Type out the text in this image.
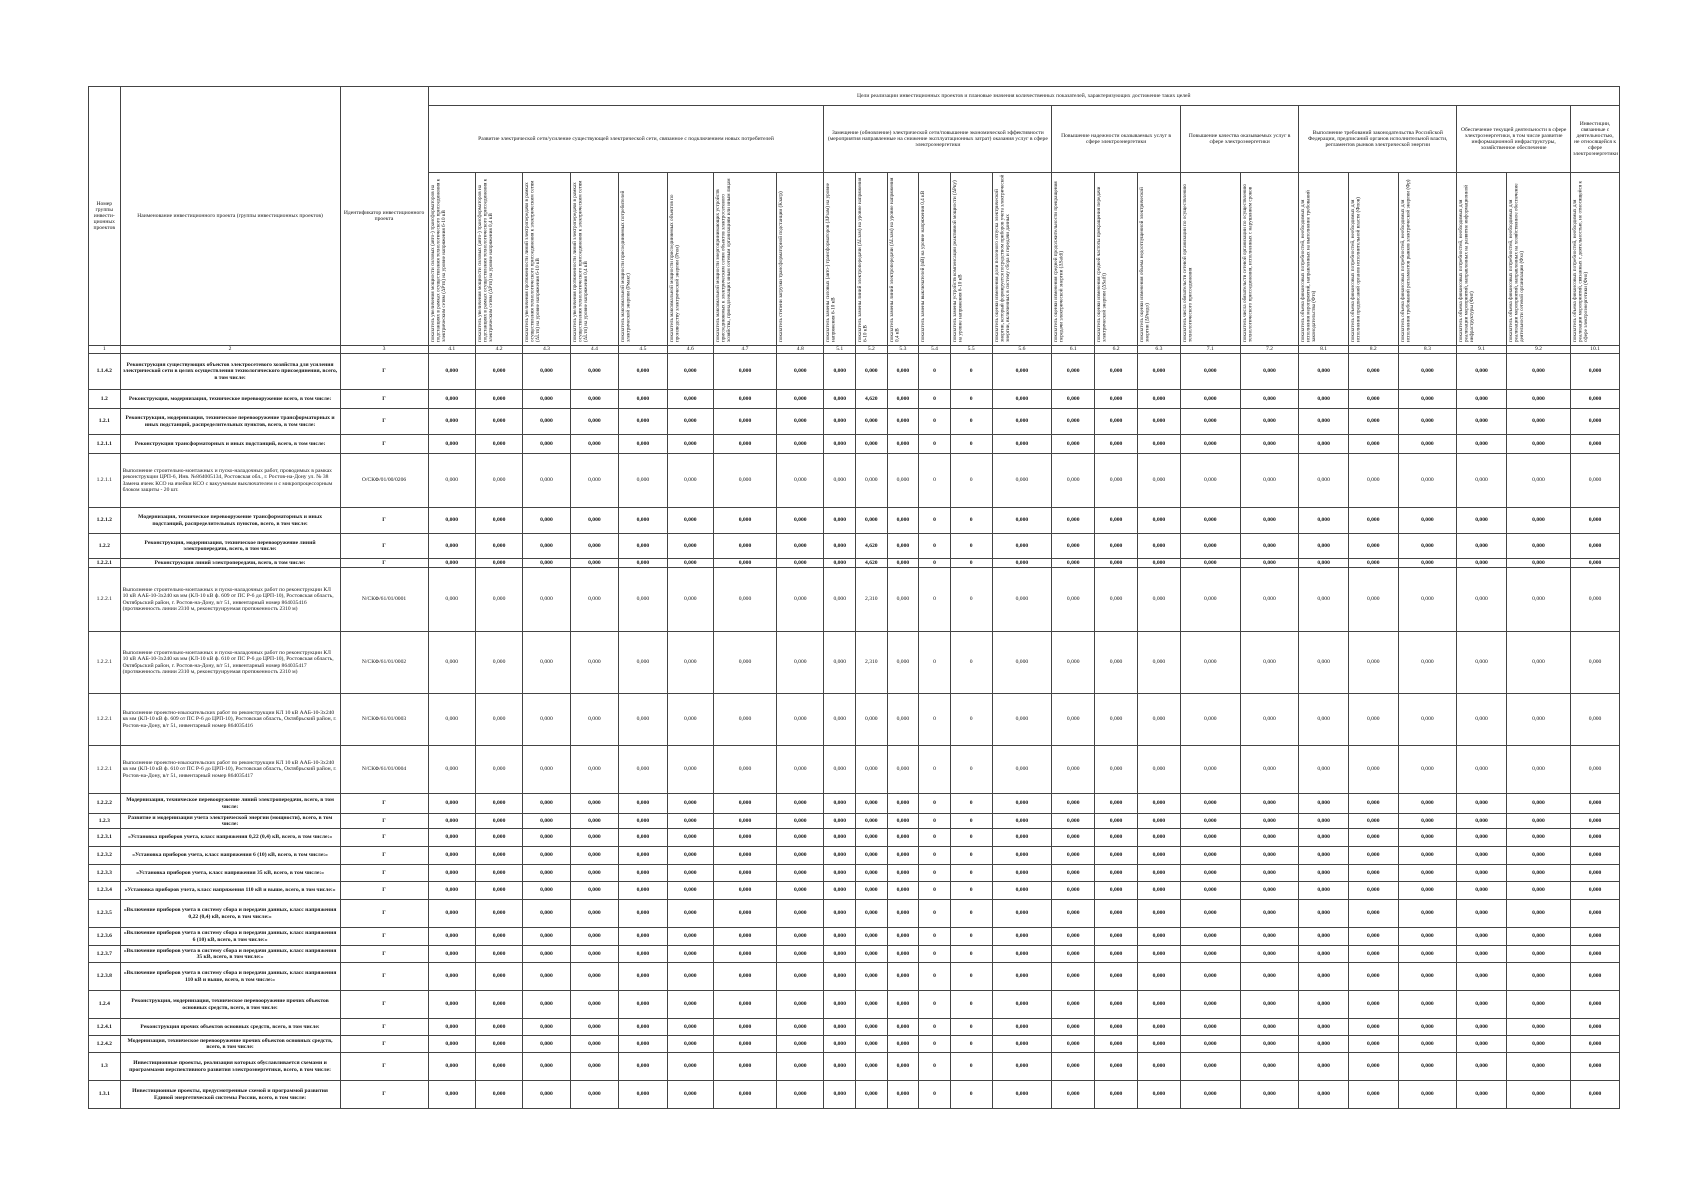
Номер группы инвести-ционных проектов	Наименование инвестиционного проекта (группы инвестиционных проектов)	Идентификатор инвестиционного проекта	Цели реализации инвестиционных проектов и плановые значения количественных показателей, характеризующих достижение таких целей																								
			Развитие электрической сети/усиление существующей электрической сети, связанное с подключением новых потребителей								Замещение (обновление) электрической сети/повышение экономической эффективности (мероприятия направленные на снижение эксплуатационных затрат) оказания услуг в сфере электроэнергетики						Повышение надежности оказываемых услуг в сфере электроэнергетики			Повышение качества оказываемых услуг в сфере электроэнергетики		Выполнение требований законодательства Российской Федерации, предписаний органов исполнительной власти, регламентов рынков электрической энергии			Обеспечение текущей деятельности в сфере электроэнергетики, в том числе развитие информационной инфраструктуры, хозяйственное обеспечение		Инвестиции, связанные с деятельностью, не относящейся к сфере электроэнергетики
			показатель увеличения мощности силовых (авто-) трансформаторов на подстанциях в рамках осуществления технологического присоединения к электрическим сетям (ΔPтп) на уровне напряжения 6-10 кВ	показатель увеличения мощности силовых (авто-) трансформаторов на подстанциях в рамках осуществления технологического присоединения к электрическим сетям (ΔPтп) на уровне напряжения 0,4 кВ	показатель увеличения протяженности линий электропередачи в рамках осуществления технологического присоединения к электрическим сетям (ΔLтп) на уровне напряжения 6-10 кВ	показатель увеличения протяженности линий электропередачи в рамках осуществления технологического присоединения к электрическим сетям (ΔLтп) на уровне напряжения 0,4 кВ	показатель максимальной мощности присоединяемых потребителей электрической энергии (Pмакс)	показатель максимальной мощности присоединяемых объектов по производству электрической энергии (Pген)	показатель максимальной мощности энергопринимающих устройств присоединяемых к электрическим сетям объектов электросетевого хозяйства, принадлежащих иным сетевым организациям или иным лицам	показатель степени загрузки трансформаторной подстанции (Kзагр)	показатель замены силовых (авто-) трансформаторов (ΔPзам) на уровне напряжения 6-10 кВ	показатель замены линий электропередачи (ΔLзам) на уровне напряжения 6-10 кВ	показатель замены линий электропередачи (ΔLзам) на уровне напряжения 0,4 кВ	показатель замены выключателей (nВ) на уровне напряжения 0,4 кВ	показатель замены устройств компенсации реактивной мощности (ΔPку) на уровне напряжения 6-10 кВ	показатель оценки изменения доли полезного отпуска электрической энергии, который формируется посредством приборов учета электрической энергии, включенных в систему сбора и передачи данных	показатель оценки изменения средней продолжительности прекращения передачи электрической энергии (ΔSaidi)	показатель оценки изменения средней частоты прекращения передачи электрической энергии (ΔSaifi)	показатель оценки изменения объема недоотпущенной электрической энергии (ΔPнедо)	показатель числа обязательств сетевой организации по осуществлению технологического присоединения	показатель числа обязательств сетевой организации по осуществлению технологического присоединения, исполненных с нарушением сроков	показатель объема финансовых потребностей, необходимых для исполнения мероприятий, направленных на выполнение требований законодательства (Фтз)	показатель объема финансовых потребностей, необходимых для исполнения предписаний органов исполнительной власти (Фпов)	показатель объема финансовых потребностей, необходимых для исполнения требований регламентов рынков электрической энергии (Фр)	показатель объема финансовых потребностей, необходимых для реализации мероприятий, направленных на развитие информационной инфраструктуры (Фит)	показатель объема финансовых потребностей, необходимых для реализации мероприятий, направленных на хозяйственное обеспечение деятельности сетевой организации (Фхо)	показатель объема финансовых потребностей, необходимых для реализации мероприятий, связанных с деятельностью, не относящейся к сфере электроэнергетики (Фно)
1	2	3	4.1	4.2	4.3	4.4	4.5	4.6	4.7	4.8	5.1	5.2	5.3	5.4	5.5	5.6	6.1	6.2	6.3	7.1	7.2	8.1	8.2	8.3	9.1	9.2	10.1
1.1.4.2	Реконструкция существующих объектов электросетевого хозяйства для усиления электрической сети в целях осуществления технологического присоединения, всего, в том числе:	Г	0,000	0,000	0,000	0,000	0,000	0,000	0,000	0,000	0,000	0,000	0,000	0	0	0,000	0,000	0,000	0,000	0,000	0,000	0,000	0,000	0,000	0,000	0,000	0,000
1.2	Реконструкция, модернизация, техническое перевооружение всего, в том числе:	Г	0,000	0,000	0,000	0,000	0,000	0,000	0,000	0,000	0,000	4,620	0,000	0	0	0,000	0,000	0,000	0,000	0,000	0,000	0,000	0,000	0,000	0,000	0,000	0,000
1.2.1	Реконструкция, модернизация, техническое перевооружение трансформаторных и иных подстанций, распределительных пунктов, всего, в том числе:	Г	0,000	0,000	0,000	0,000	0,000	0,000	0,000	0,000	0,000	0,000	0,000	0	0	0,000	0,000	0,000	0,000	0,000	0,000	0,000	0,000	0,000	0,000	0,000	0,000
1.2.1.1	Реконструкция трансформаторных и иных подстанций, всего, в том числе:	Г	0,000	0,000	0,000	0,000	0,000	0,000	0,000	0,000	0,000	0,000	0,000	0	0	0,000	0,000	0,000	0,000	0,000	0,000	0,000	0,000	0,000	0,000	0,000	0,000
1.2.1.1	Выполнение строительно-монтажных и пуско-наладочных работ, проводимых в рамках реконструкции ЦРП-6, Инв. №864005134, Ростовская обл., г. Ростов-на-Дону ул. № 38 Замена ячеек КСО на ячейки КСО с вакуумным выключателем и с микропроцессорным блоком защиты - 20 шт.	О/СКФ/01/00/0206	0,000	0,000	0,000	0,000	0,000	0,000	0,000	0,000	0,000	0,000	0,000	0	0	0,000	0,000	0,000	0,000	0,000	0,000	0,000	0,000	0,000	0,000	0,000	0,000
1.2.1.2	Модернизация, техническое перевооружение трансформаторных и иных подстанций, распределительных пунктов, всего, в том числе:	Г	0,000	0,000	0,000	0,000	0,000	0,000	0,000	0,000	0,000	0,000	0,000	0	0	0,000	0,000	0,000	0,000	0,000	0,000	0,000	0,000	0,000	0,000	0,000	0,000
1.2.2	Реконструкция, модернизация, техническое перевооружение линий электропередачи, всего, в том числе:	Г	0,000	0,000	0,000	0,000	0,000	0,000	0,000	0,000	0,000	4,620	0,000	0	0	0,000	0,000	0,000	0,000	0,000	0,000	0,000	0,000	0,000	0,000	0,000	0,000
1.2.2.1	Реконструкция линий электропередачи, всего, в том числе:	Г	0,000	0,000	0,000	0,000	0,000	0,000	0,000	0,000	0,000	4,620	0,000	0	0	0,000	0,000	0,000	0,000	0,000	0,000	0,000	0,000	0,000	0,000	0,000	0,000
1.2.2.1	Выполнение строительно-монтажных и пуско-наладочных работ по реконструкции КЛ 10 кВ ААБ-10-3х240 кв мм (КЛ-10 кВ ф. 609 от ПС Р-6 до ЦРП-10), Ростовская область, Октябрьский район, г. Ростов-на-Дону, в/г 51, инвентарный номер 864035416 (протяженность линии 2310 м, реконструируемая протяженность 2310 м)	N/СКФ/61/01/0001	0,000	0,000	0,000	0,000	0,000	0,000	0,000	0,000	0,000	2,310	0,000	0	0	0,000	0,000	0,000	0,000	0,000	0,000	0,000	0,000	0,000	0,000	0,000	0,000
1.2.2.1	Выполнение строительно-монтажных и пуско-наладочных работ по реконструкции КЛ 10 кВ ААБ-10-3х240 кв мм (КЛ-10 кВ ф. 610 от ПС Р-6 до ЦРП-10), Ростовская область, Октябрьский район, г. Ростов-на-Дону, в/г 51, инвентарный номер 864035417 (протяженность линии 2310 м, реконструируемая протяженность 2310 м)	N/СКФ/61/01/0002	0,000	0,000	0,000	0,000	0,000	0,000	0,000	0,000	0,000	2,310	0,000	0	0	0,000	0,000	0,000	0,000	0,000	0,000	0,000	0,000	0,000	0,000	0,000	0,000
1.2.2.1	Выполнение проектно-изыскательских работ по реконструкции КЛ 10 кВ ААБ-10-3х240 кв мм (КЛ-10 кВ ф. 609 от ПС Р-6 до ЦРП-10), Ростовская область, Октябрьский район, г. Ростов-на-Дону, в/г 51, инвентарный номер 864035416	N/СКФ/61/01/0003	0,000	0,000	0,000	0,000	0,000	0,000	0,000	0,000	0,000	0,000	0,000	0	0	0,000	0,000	0,000	0,000	0,000	0,000	0,000	0,000	0,000	0,000	0,000	0,000
1.2.2.1	Выполнение проектно-изыскательских работ по реконструкции КЛ 10 кВ ААБ-10-3х240 кв мм (КЛ-10 кВ ф. 610 от ПС Р-6 до ЦРП-10), Ростовская область, Октябрьский район, г. Ростов-на-Дону, в/г 51, инвентарный номер 864035417	N/СКФ/61/01/0004	0,000	0,000	0,000	0,000	0,000	0,000	0,000	0,000	0,000	0,000	0,000	0	0	0,000	0,000	0,000	0,000	0,000	0,000	0,000	0,000	0,000	0,000	0,000	0,000
1.2.2.2	Модернизация, техническое перевооружение линий электропередачи, всего, в том числе:	Г	0,000	0,000	0,000	0,000	0,000	0,000	0,000	0,000	0,000	0,000	0,000	0	0	0,000	0,000	0,000	0,000	0,000	0,000	0,000	0,000	0,000	0,000	0,000	0,000
1.2.3	Развитие и модернизация учета электрической энергии (мощности), всего, в том числе:	Г	0,000	0,000	0,000	0,000	0,000	0,000	0,000	0,000	0,000	0,000	0,000	0	0	0,000	0,000	0,000	0,000	0,000	0,000	0,000	0,000	0,000	0,000	0,000	0,000
1.2.3.1	«Установка приборов учета, класс напряжения 0,22 (0,4) кВ, всего, в том числе:»	Г	0,000	0,000	0,000	0,000	0,000	0,000	0,000	0,000	0,000	0,000	0,000	0	0	0,000	0,000	0,000	0,000	0,000	0,000	0,000	0,000	0,000	0,000	0,000	0,000
1.2.3.2	«Установка приборов учета, класс напряжения 6 (10) кВ, всего, в том числе:»	Г	0,000	0,000	0,000	0,000	0,000	0,000	0,000	0,000	0,000	0,000	0,000	0	0	0,000	0,000	0,000	0,000	0,000	0,000	0,000	0,000	0,000	0,000	0,000	0,000
1.2.3.3	«Установка приборов учета, класс напряжения 35 кВ, всего, в том числе:»	Г	0,000	0,000	0,000	0,000	0,000	0,000	0,000	0,000	0,000	0,000	0,000	0	0	0,000	0,000	0,000	0,000	0,000	0,000	0,000	0,000	0,000	0,000	0,000	0,000
1.2.3.4	«Установка приборов учета, класс напряжения 110 кВ и выше, всего, в том числе:»	Г	0,000	0,000	0,000	0,000	0,000	0,000	0,000	0,000	0,000	0,000	0,000	0	0	0,000	0,000	0,000	0,000	0,000	0,000	0,000	0,000	0,000	0,000	0,000	0,000
1.2.3.5	«Включение приборов учета в систему сбора и передачи данных, класс напряжения 0,22 (0,4) кВ, всего, в том числе:»	Г	0,000	0,000	0,000	0,000	0,000	0,000	0,000	0,000	0,000	0,000	0,000	0	0	0,000	0,000	0,000	0,000	0,000	0,000	0,000	0,000	0,000	0,000	0,000	0,000
1.2.3.6	«Включение приборов учета в систему сбора и передачи данных, класс напряжения 6 (10) кВ, всего, в том числе:»	Г	0,000	0,000	0,000	0,000	0,000	0,000	0,000	0,000	0,000	0,000	0,000	0	0	0,000	0,000	0,000	0,000	0,000	0,000	0,000	0,000	0,000	0,000	0,000	0,000
1.2.3.7	«Включение приборов учета в систему сбора и передачи данных, класс напряжения 35 кВ, всего, в том числе:»	Г	0,000	0,000	0,000	0,000	0,000	0,000	0,000	0,000	0,000	0,000	0,000	0	0	0,000	0,000	0,000	0,000	0,000	0,000	0,000	0,000	0,000	0,000	0,000	0,000
1.2.3.8	«Включение приборов учета в систему сбора и передачи данных, класс напряжения 110 кВ и выше, всего, в том числе:»	Г	0,000	0,000	0,000	0,000	0,000	0,000	0,000	0,000	0,000	0,000	0,000	0	0	0,000	0,000	0,000	0,000	0,000	0,000	0,000	0,000	0,000	0,000	0,000	0,000
1.2.4	Реконструкция, модернизация, техническое перевооружение прочих объектов основных средств, всего, в том числе:	Г	0,000	0,000	0,000	0,000	0,000	0,000	0,000	0,000	0,000	0,000	0,000	0	0	0,000	0,000	0,000	0,000	0,000	0,000	0,000	0,000	0,000	0,000	0,000	0,000
1.2.4.1	Реконструкция прочих объектов основных средств, всего, в том числе:	Г	0,000	0,000	0,000	0,000	0,000	0,000	0,000	0,000	0,000	0,000	0,000	0	0	0,000	0,000	0,000	0,000	0,000	0,000	0,000	0,000	0,000	0,000	0,000	0,000
1.2.4.2	Модернизация, техническое перевооружение прочих объектов основных средств, всего, в том числе:	Г	0,000	0,000	0,000	0,000	0,000	0,000	0,000	0,000	0,000	0,000	0,000	0	0	0,000	0,000	0,000	0,000	0,000	0,000	0,000	0,000	0,000	0,000	0,000	0,000
1.3	Инвестиционные проекты, реализация которых обуславливается схемами и программами перспективного развития электроэнергетики, всего, в том числе:	Г	0,000	0,000	0,000	0,000	0,000	0,000	0,000	0,000	0,000	0,000	0,000	0	0	0,000	0,000	0,000	0,000	0,000	0,000	0,000	0,000	0,000	0,000	0,000	0,000
1.3.1	Инвестиционные проекты, предусмотренные схемой и программой развития Единой энергетической системы России, всего, в том числе:	Г	0,000	0,000	0,000	0,000	0,000	0,000	0,000	0,000	0,000	0,000	0,000	0	0	0,000	0,000	0,000	0,000	0,000	0,000	0,000	0,000	0,000	0,000	0,000	0,000
